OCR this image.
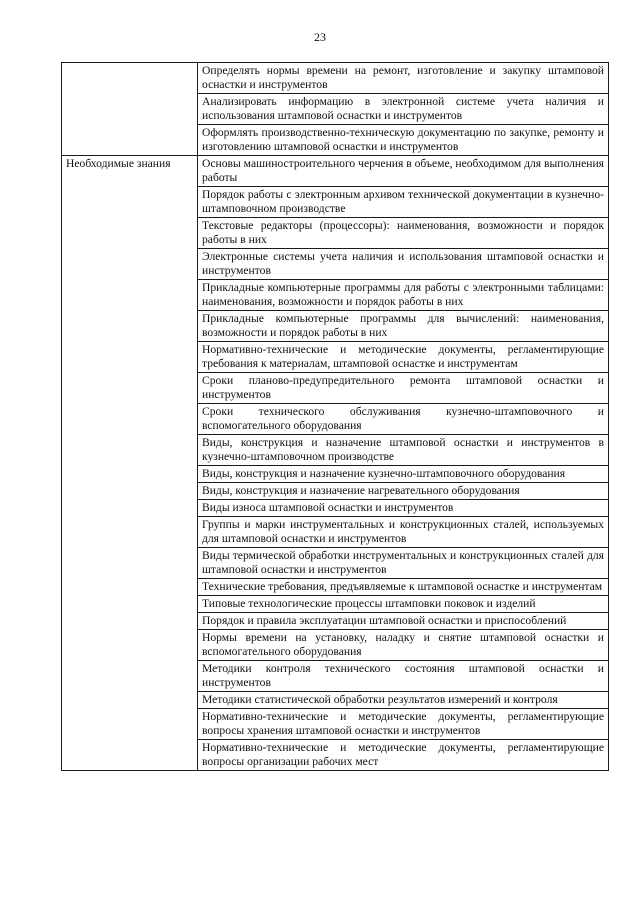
23
	Определять нормы времени на ремонт, изготовление и закупку штамповой оснастки и инструментов
	Анализировать информацию в электронной системе учета наличия и использования штамповой оснастки и инструментов
	Оформлять производственно-техническую документацию по закупке, ремонту и изготовлению штамповой оснастки и инструментов
Необходимые знания	Основы машиностроительного черчения в объеме, необходимом для выполнения работы
	Порядок работы с электронным архивом технической документации в кузнечно-штамповочном производстве
	Текстовые редакторы (процессоры): наименования, возможности и порядок работы в них
	Электронные системы учета наличия и использования штамповой оснастки и инструментов
	Прикладные компьютерные программы для работы с электронными таблицами: наименования, возможности и порядок работы в них
	Прикладные компьютерные программы для вычислений: наименования, возможности и порядок работы в них
	Нормативно-технические и методические документы, регламентирующие требования к материалам, штамповой оснастке и инструментам
	Сроки планово-предупредительного ремонта штамповой оснастки и инструментов
	Сроки технического обслуживания кузнечно-штамповочного и вспомогательного оборудования
	Виды, конструкция и назначение штамповой оснастки и инструментов в кузнечно-штамповочном производстве
	Виды, конструкция и назначение кузнечно-штамповочного оборудования
	Виды, конструкция и назначение нагревательного оборудования
	Виды износа штамповой оснастки и инструментов
	Группы и марки инструментальных и конструкционных сталей, используемых для штамповой оснастки и инструментов
	Виды термической обработки инструментальных и конструкционных сталей для штамповой оснастки и инструментов
	Технические требования, предъявляемые к штамповой оснастке и инструментам
	Типовые технологические процессы штамповки поковок и изделий
	Порядок и правила эксплуатации штамповой оснастки и приспособлений
	Нормы времени на установку, наладку и снятие штамповой оснастки и вспомогательного оборудования
	Методики контроля технического состояния штамповой оснастки и инструментов
	Методики статистической обработки результатов измерений и контроля
	Нормативно-технические и методические документы, регламентирующие вопросы хранения штамповой оснастки и инструментов
	Нормативно-технические и методические документы, регламентирующие вопросы организации рабочих мест
